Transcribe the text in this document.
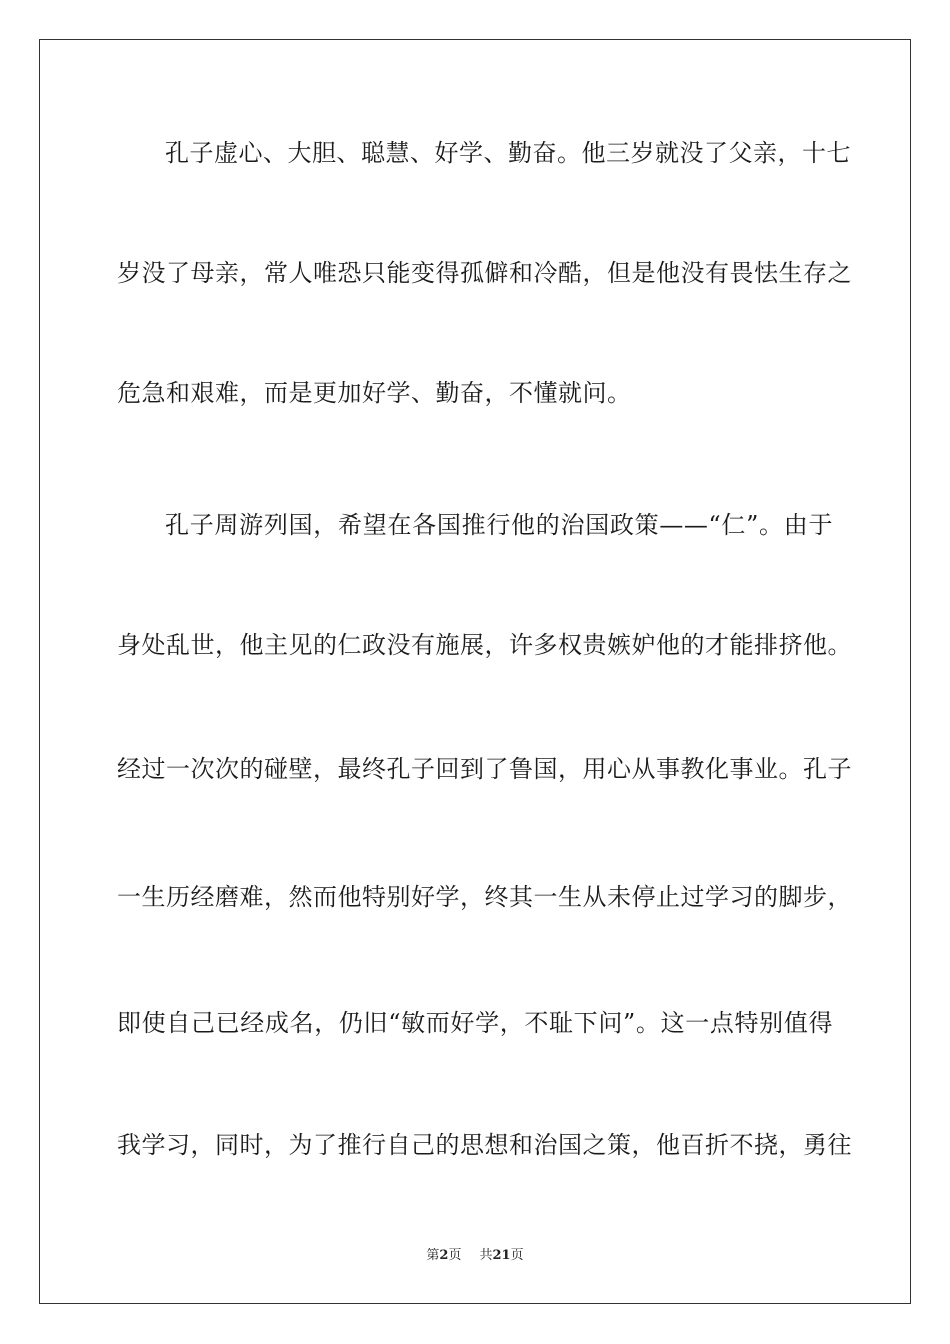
孔子虚心、大胆、聪慧、好学、勤奋。他三岁就没了父亲，十七
岁没了母亲，常人唯恐只能变得孤僻和冷酷，但是他没有畏怯生存之
危急和艰难，而是更加好学、勤奋，不懂就问。
孔子周游列国，希望在各国推行他的治国政策——“仁”。由于
身处乱世，他主见的仁政没有施展，许多权贵嫉妒他的才能排挤他。
经过一次次的碰壁，最终孔子回到了鲁国，用心从事教化事业。孔子
一生历经磨难，然而他特别好学，终其一生从未停止过学习的脚步，
即使自己已经成名，仍旧“敏而好学，不耻下问”。这一点特别值得
我学习，同时，为了推行自己的思想和治国之策，他百折不挠，勇往
第2页 共21页
